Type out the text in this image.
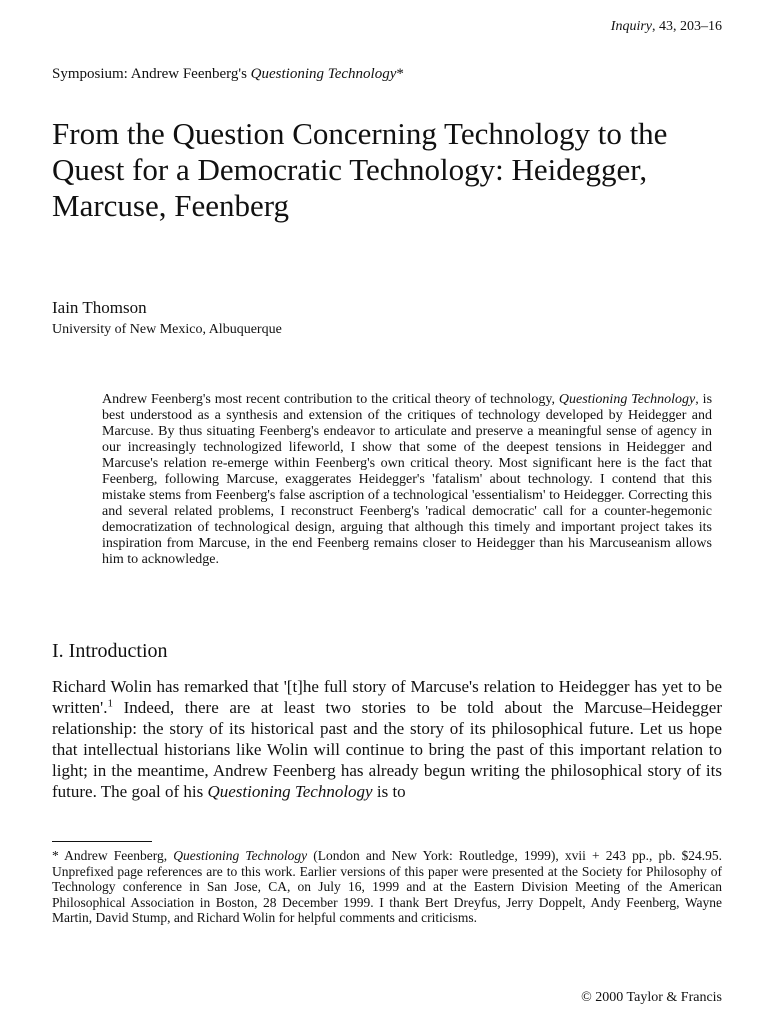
Inquiry, 43, 203–16
Symposium: Andrew Feenberg's Questioning Technology*
From the Question Concerning Technology to the Quest for a Democratic Technology: Heidegger, Marcuse, Feenberg
Iain Thomson
University of New Mexico, Albuquerque

Andrew Feenberg's most recent contribution to the critical theory of technology, Questioning Technology, is best understood as a synthesis and extension of the critiques of technology developed by Heidegger and Marcuse. By thus situating Feenberg's endeavor to articulate and preserve a meaningful sense of agency in our increasingly technologized lifeworld, I show that some of the deepest tensions in Heidegger and Marcuse's relation re-emerge within Feenberg's own critical theory. Most significant here is the fact that Feenberg, following Marcuse, exaggerates Heidegger's 'fatalism' about technology. I contend that this mistake stems from Feenberg's false ascription of a technological 'essentialism' to Heidegger. Correcting this and several related problems, I reconstruct Feenberg's 'radical democratic' call for a counter-hegemonic democratization of technological design, arguing that although this timely and important project takes its inspiration from Marcuse, in the end Feenberg remains closer to Heidegger than his Marcuseanism allows him to acknowledge.

I. Introduction

Richard Wolin has remarked that '[t]he full story of Marcuse's relation to Heidegger has yet to be written'.$^1$ Indeed, there are at least two stories to be told about the Marcuse–Heidegger relationship: the story of its historical past and the story of its philosophical future. Let us hope that intellectual historians like Wolin will continue to bring the past of this important relation to light; in the meantime, Andrew Feenberg has already begun writing the philosophical story of its future. The goal of his Questioning Technology is to

* Andrew Feenberg, Questioning Technology (London and New York: Routledge, 1999), xvii + 243 pp., pb. $24.95. Unprefixed page references are to this work. Earlier versions of this paper were presented at the Society for Philosophy of Technology conference in San Jose, CA, on July 16, 1999 and at the Eastern Division Meeting of the American Philosophical Association in Boston, 28 December 1999. I thank Bert Dreyfus, Jerry Doppelt, Andy Feenberg, Wayne Martin, David Stump, and Richard Wolin for helpful comments and criticisms.

© 2000 Taylor & Francis
